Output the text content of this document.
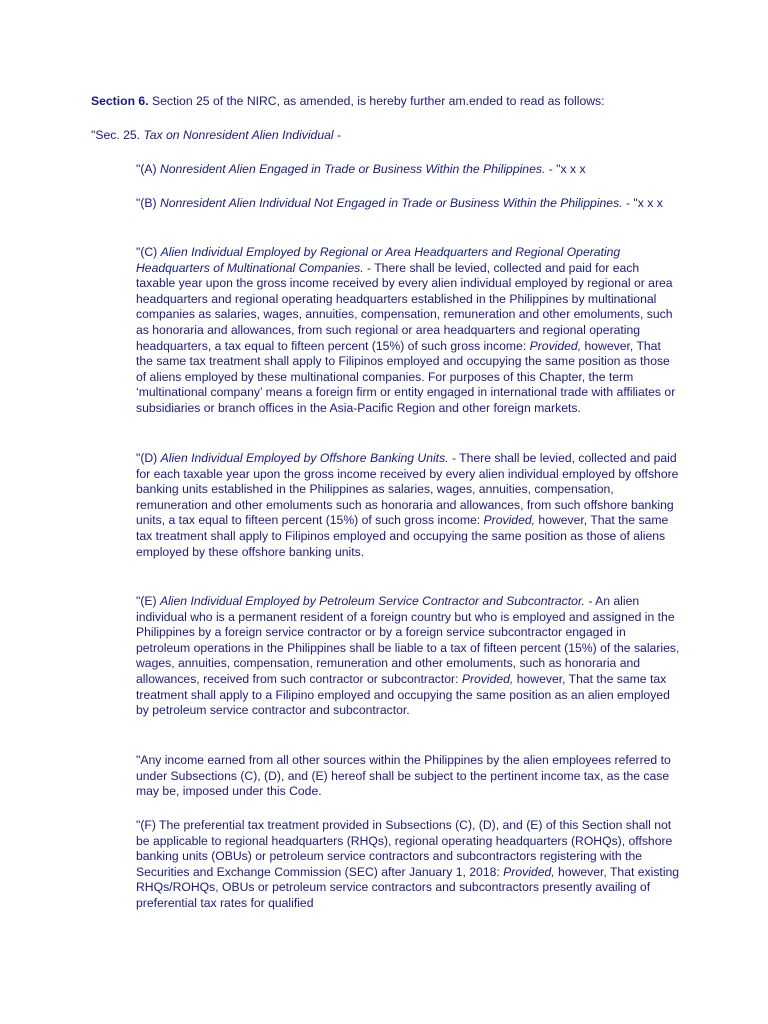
Section 6. Section 25 of the NIRC, as amended, is hereby further am.ended to read as follows:

"Sec. 25. Tax on Nonresident Alien Individual -

"(A) Nonresident Alien Engaged in Trade or Business Within the Philippines. - "x x x

"(B) Nonresident Alien Individual Not Engaged in Trade or Business Within the Philippines. - "x x x

"(C) Alien Individual Employed by Regional or Area Headquarters and Regional Operating Headquarters of Multinational Companies. - There shall be levied, collected and paid for each taxable year upon the gross income received by every alien individual employed by regional or area headquarters and regional operating headquarters established in the Philippines by multinational companies as salaries, wages, annuities, compensation, remuneration and other emoluments, such as honoraria and allowances, from such regional or area headquarters and regional operating headquarters, a tax equal to fifteen percent (15%) of such gross income: Provided, however, That the same tax treatment shall apply to Filipinos employed and occupying the same position as those of aliens employed by these multinational companies. For purposes of this Chapter, the term ‘multinational company’ means a foreign firm or entity engaged in international trade with affiliates or subsidiaries or branch offices in the Asia-Pacific Region and other foreign markets.

"(D) Alien Individual Employed by Offshore Banking Units. - There shall be levied, collected and paid for each taxable year upon the gross income received by every alien individual employed by offshore banking units established in the Philippines as salaries, wages, annuities, compensation, remuneration and other emoluments such as honoraria and allowances, from such offshore banking units, a tax equal to fifteen percent (15%) of such gross income: Provided, however, That the same tax treatment shall apply to Filipinos employed and occupying the same position as those of aliens employed by these offshore banking units.

"(E) Alien Individual Employed by Petroleum Service Contractor and Subcontractor. - An alien individual who is a permanent resident of a foreign country but who is employed and assigned in the Philippines by a foreign service contractor or by a foreign service subcontractor engaged in petroleum operations in the Philippines shall be liable to a tax of fifteen percent (15%) of the salaries, wages, annuities, compensation, remuneration and other emoluments, such as honoraria and allowances, received from such contractor or subcontractor: Provided, however, That the same tax treatment shall apply to a Filipino employed and occupying the same position as an alien employed by petroleum service contractor and subcontractor.

"Any income earned from all other sources within the Philippines by the alien employees referred to under Subsections (C), (D), and (E) hereof shall be subject to the pertinent income tax, as the case may be, imposed under this Code.

"(F) The preferential tax treatment provided in Subsections (C), (D), and (E) of this Section shall not be applicable to regional headquarters (RHQs), regional operating headquarters (ROHQs), offshore banking units (OBUs) or petroleum service contractors and subcontractors registering with the Securities and Exchange Commission (SEC) after January 1, 2018: Provided, however, That existing RHQs/ROHQs, OBUs or petroleum service contractors and subcontractors presently availing of preferential tax rates for qualified
